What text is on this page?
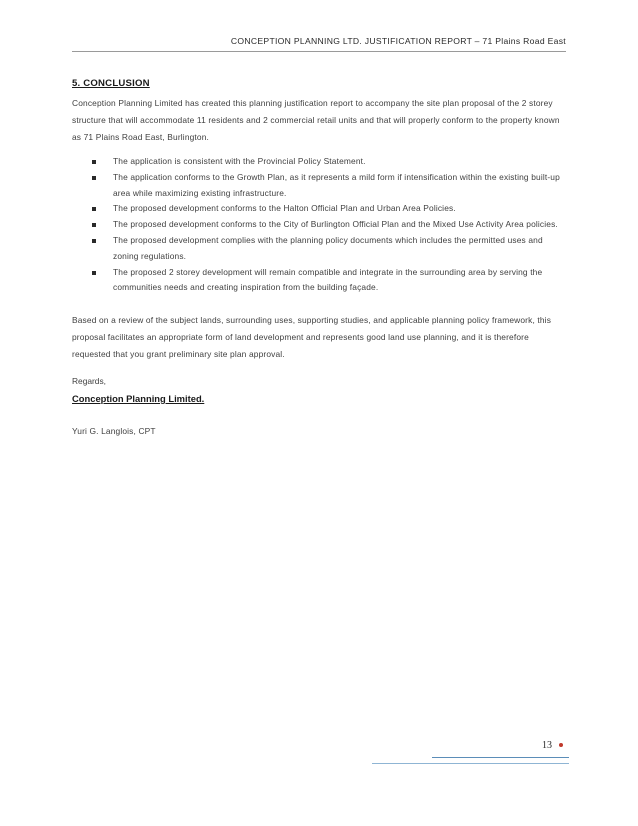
CONCEPTION PLANNING LTD. JUSTIFICATION REPORT – 71 Plains Road East
5. CONCLUSION

Conception Planning Limited has created this planning justification report to accompany the site plan proposal of the 2 storey structure that will accommodate 11 residents and 2 commercial retail units and that will properly conform to the property known as 71 Plains Road East, Burlington.

The application is consistent with the Provincial Policy Statement.
The application conforms to the Growth Plan, as it represents a mild form if intensification within the existing built-up area while maximizing existing infrastructure.
The proposed development conforms to the Halton Official Plan and Urban Area Policies.
The proposed development conforms to the City of Burlington Official Plan and the Mixed Use Activity Area policies.
The proposed development complies with the planning policy documents which includes the permitted uses and zoning regulations.
The proposed 2 storey development will remain compatible and integrate in the surrounding area by serving the communities needs and creating inspiration from the building façade.

Based on a review of the subject lands, surrounding uses, supporting studies, and applicable planning policy framework, this proposal facilitates an appropriate form of land development and represents good land use planning, and it is therefore requested that you grant preliminary site plan approval.

Regards,
Conception Planning Limited.
Yuri G. Langlois, CPT
13
